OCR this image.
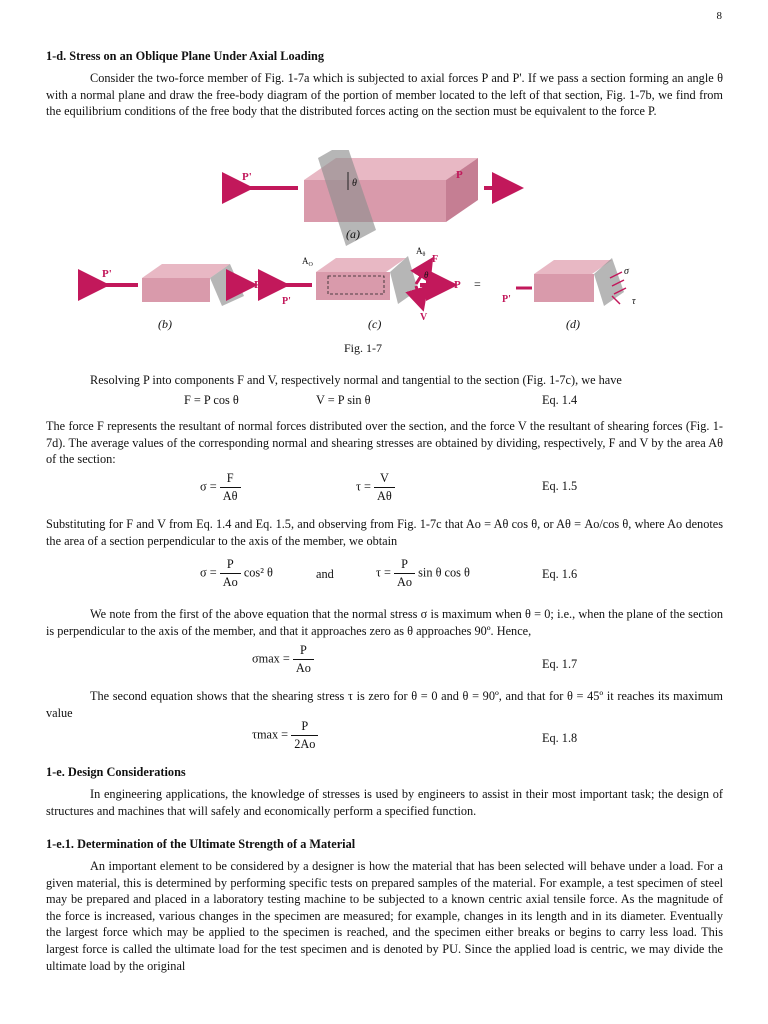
8
1-d. Stress on an Oblique Plane Under Axial Loading

Consider the two-force member of Fig. 1-7a which is subjected to axial forces P and P'. If we pass a section forming an angle θ with a normal plane and draw the free-body diagram of the portion of member located to the left of that section, Fig. 1-7b, we find from the equilibrium conditions of the free body that the distributed forces acting on the section must be equivalent to the force P.

P'	P
θ
(a)
P'
P =
(b)
$A_O$
$A_\theta$ F
V
θ
P'
P =
(c)
P'
σ
τ
(d)
Fig. 1-7

Resolving P into components F and V, respectively normal and tangential to the section (Fig. 1-7c), we have

F = P cos θ	V = P sin θ	Eq. 1.4

The force F represents the resultant of normal forces distributed over the section, and the force V the resultant of shearing forces (Fig. 1-7d). The average values of the corresponding normal and shearing stresses are obtained by dividing, respectively, F and V by the area Aθ of the section:

$\sigma = \frac{F}{A\theta}$	$\tau = \frac{V}{A\theta}$	Eq. 1.5

Substituting for F and V from Eq. 1.4 and Eq. 1.5, and observing from Fig. 1-7c that Ao = Aθ cos θ, or Aθ = Ao/cos θ, where Ao denotes the area of a section perpendicular to the axis of the member, we obtain

$\sigma = \frac{P}{Ao} \cos^2$ θ	and	$\tau = \frac{P}{Ao}$ sin θ cos θ	Eq. 1.6

We note from the first of the above equation that the normal stress σ is maximum when θ = 0; i.e., when the plane of the section is perpendicular to the axis of the member, and that it approaches zero as θ approaches 90º. Hence,

$\sigma\max = \frac{P}{Ao}$	Eq. 1.7

The second equation shows that the shearing stress τ is zero for θ = 0 and θ = 90º, and that for θ = 45º it reaches its maximum value

$\tau\max = \frac{P}{2Ao}$	Eq. 1.8
1-e. Design Considerations

In engineering applications, the knowledge of stresses is used by engineers to assist in their most important task; the design of structures and machines that will safely and economically perform a specified function.

1-e.1. Determination of the Ultimate Strength of a Material

An important element to be considered by a designer is how the material that has been selected will behave under a load. For a given material, this is determined by performing specific tests on prepared samples of the material. For example, a test specimen of steel may be prepared and placed in a laboratory testing machine to be subjected to a known centric axial tensile force. As the magnitude of the force is increased, various changes in the specimen are measured; for example, changes in its length and in its diameter. Eventually the largest force which may be applied to the specimen is reached, and the specimen either breaks or begins to carry less load. This largest force is called the ultimate load for the test specimen and is denoted by PU. Since the applied load is centric, we may divide the ultimate load by the original
